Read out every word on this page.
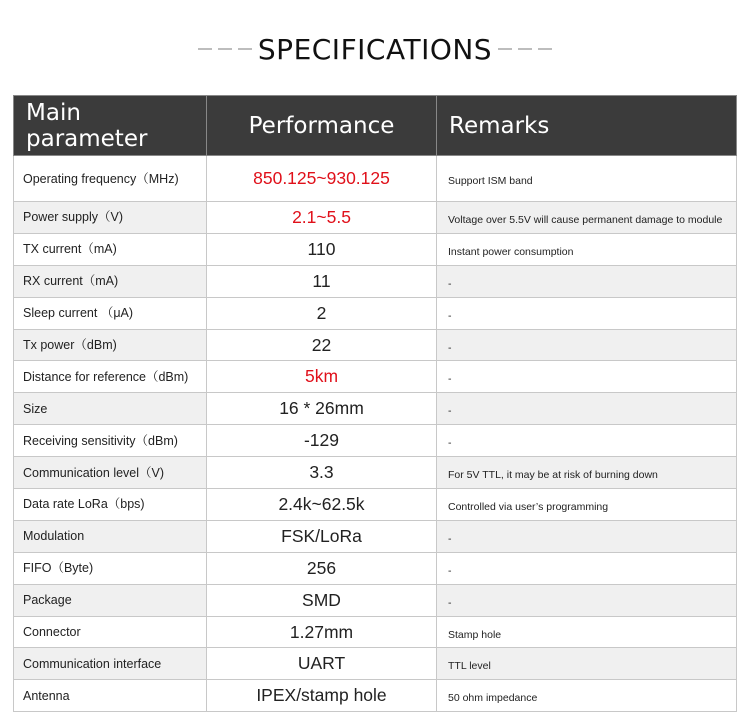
SPECIFICATIONS
Main parameter	Performance	Remarks
Operating frequency（MHz)	850.125~930.125	Support ISM band
Power supply（V)	2.1~5.5	Voltage over 5.5V will cause permanent damage to module
TX current（mA)	110	Instant power consumption
RX current（mA)	11	-
Sleep current （μA)	2	-
Tx power（dBm)	22	-
Distance for reference（dBm)	5km	-
Size	16 * 26mm	-
Receiving sensitivity（dBm)	-129	-
Communication level（V)	3.3	For 5V TTL, it may be at risk of burning down
Data rate LoRa（bps)	2.4k~62.5k	Controlled via user’s programming
Modulation	FSK/LoRa	-
FIFO（Byte)	256	-
Package	SMD	-
Connector	1.27mm	Stamp hole
Communication interface	UART	TTL level
Antenna	IPEX/stamp hole	50 ohm impedance
